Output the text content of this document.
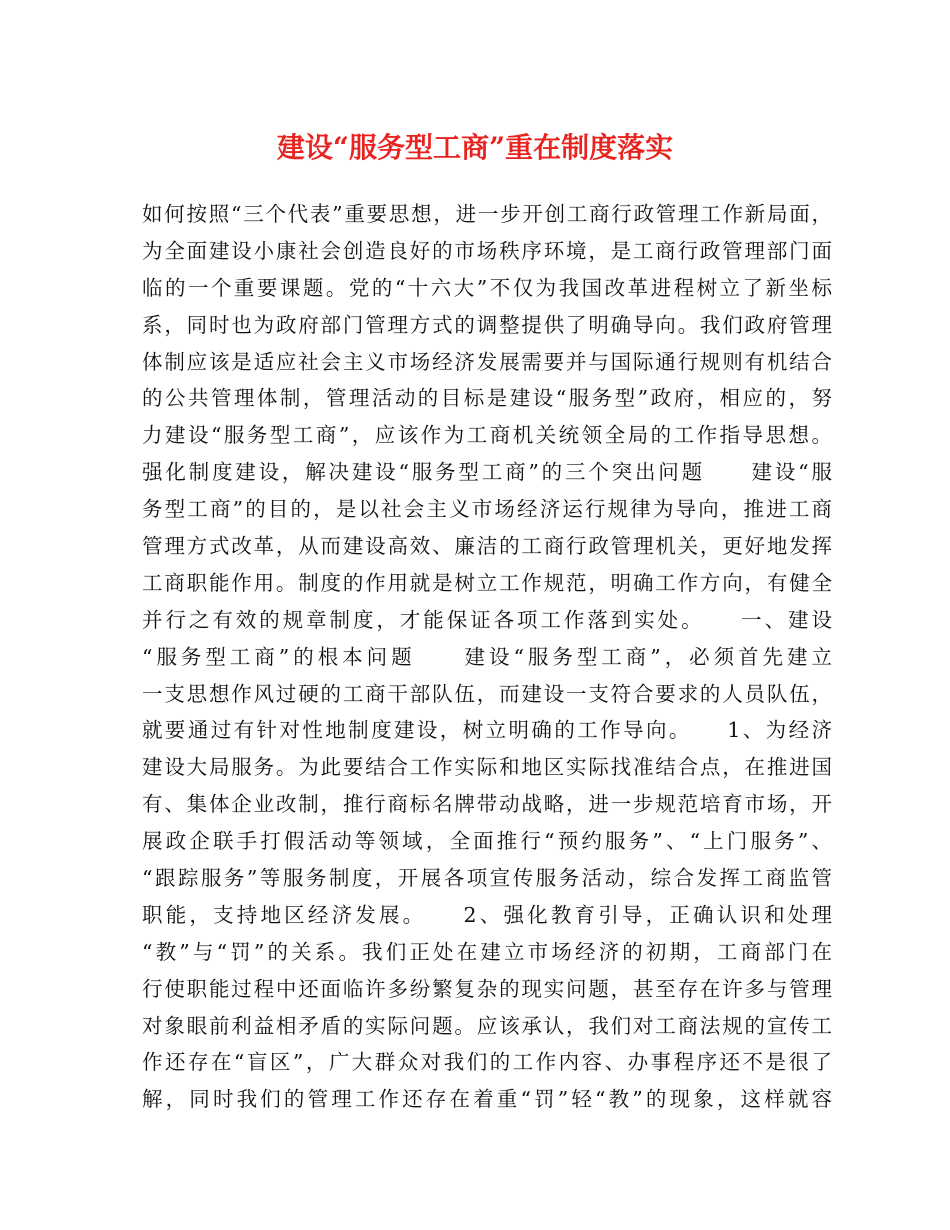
建设“服务型工商”重在制度落实
如何按照“三个代表”重要思想，进一步开创工商行政管理工作新局面，
为全面建设小康社会创造良好的市场秩序环境，是工商行政管理部门面
临的一个重要课题。党的“十六大”不仅为我国改革进程树立了新坐标
系，同时也为政府部门管理方式的调整提供了明确导向。我们政府管理
体制应该是适应社会主义市场经济发展需要并与国际通行规则有机结合
的公共管理体制，管理活动的目标是建设“服务型”政府，相应的，努
力建设“服务型工商”，应该作为工商机关统领全局的工作指导思想。
强化制度建设，解决建设“服务型工商”的三个突出问题　　建设“服
务型工商”的目的，是以社会主义市场经济运行规律为导向，推进工商
管理方式改革，从而建设高效、廉洁的工商行政管理机关，更好地发挥
工商职能作用。制度的作用就是树立工作规范，明确工作方向，有健全
并行之有效的规章制度，才能保证各项工作落到实处。　　一、建设
“服务型工商”的根本问题　　建设“服务型工商”，必须首先建立
一支思想作风过硬的工商干部队伍，而建设一支符合要求的人员队伍，
就要通过有针对性地制度建设，树立明确的工作导向。　　1、为经济
建设大局服务。为此要结合工作实际和地区实际找准结合点，在推进国
有、集体企业改制，推行商标名牌带动战略，进一步规范培育市场，开
展政企联手打假活动等领域，全面推行“预约服务”、“上门服务”、
“跟踪服务”等服务制度，开展各项宣传服务活动，综合发挥工商监管
职能，支持地区经济发展。　　2、强化教育引导，正确认识和处理
“教”与“罚”的关系。我们正处在建立市场经济的初期，工商部门在
行使职能过程中还面临许多纷繁复杂的现实问题，甚至存在许多与管理
对象眼前利益相矛盾的实际问题。应该承认，我们对工商法规的宣传工
作还存在“盲区”，广大群众对我们的工作内容、办事程序还不是很了
解，同时我们的管理工作还存在着重“罚”轻“教”的现象，这样就容
